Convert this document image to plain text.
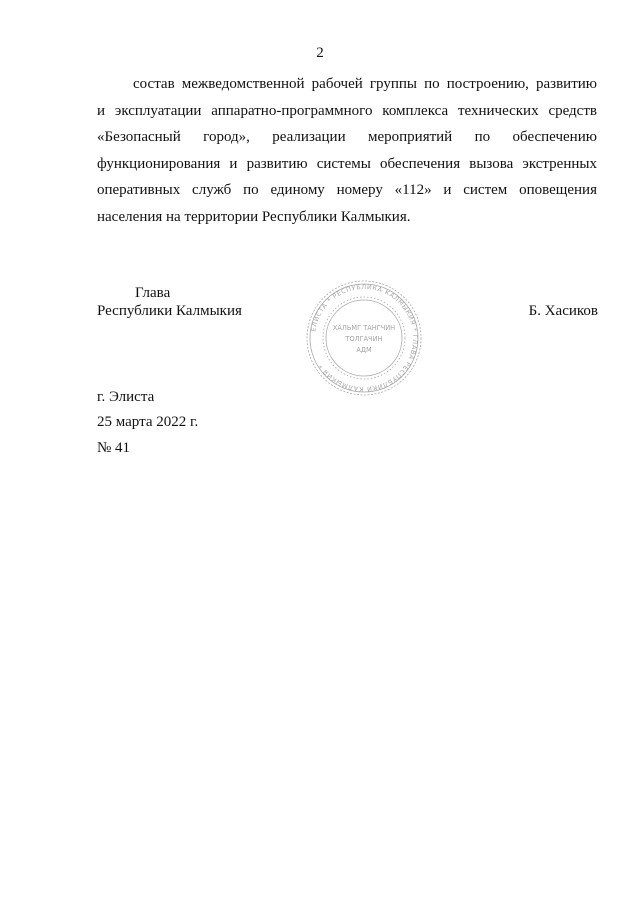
2
состав межведомственной рабочей группы по построению, развитию
и эксплуатации аппаратно-программного комплекса технических средств
«Безопасный город», реализации мероприятий по обеспечению
функционирования и развитию системы обеспечения вызова экстренных
оперативных служб по единому номеру «112» и систем оповещения
населения на территории Республики Калмыкия.
Глава
Республики Калмыкия	Б. Хасиков
ЕЛИСТА * РЕСПУБЛИКА КАЛМЫКИЯ * ГЛАВА РЕСПУБЛИКИ КАЛМЫКИЯ *
ХАЛЬМГ ТАНГЧИН
ТОЛГАЧИН
АДМ
г. Элиста
25 марта 2022 г.
№ 41
